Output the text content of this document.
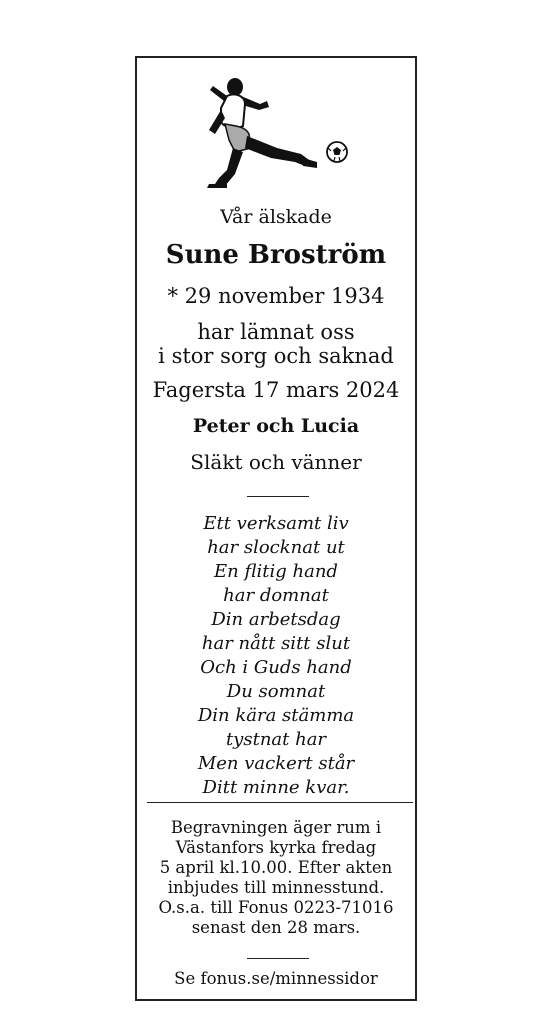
Vår älskade
Sune Broström
* 29 november 1934
har lämnat oss
i stor sorg och saknad
Fagersta 17 mars 2024
Peter och Lucia
Släkt och vänner
Ett verksamt liv
har slocknat ut
En flitig hand
har domnat
Din arbetsdag
har nått sitt slut
Och i Guds hand
Du somnat
Din kära stämma
tystnat har
Men vackert står
Ditt minne kvar.
Begravningen äger rum i
Västanfors kyrka fredag
5 april kl.10.00. Efter akten
inbjudes till minnesstund.
O.s.a. till Fonus 0223-71016
senast den 28 mars.
Se fonus.se/minnessidor
